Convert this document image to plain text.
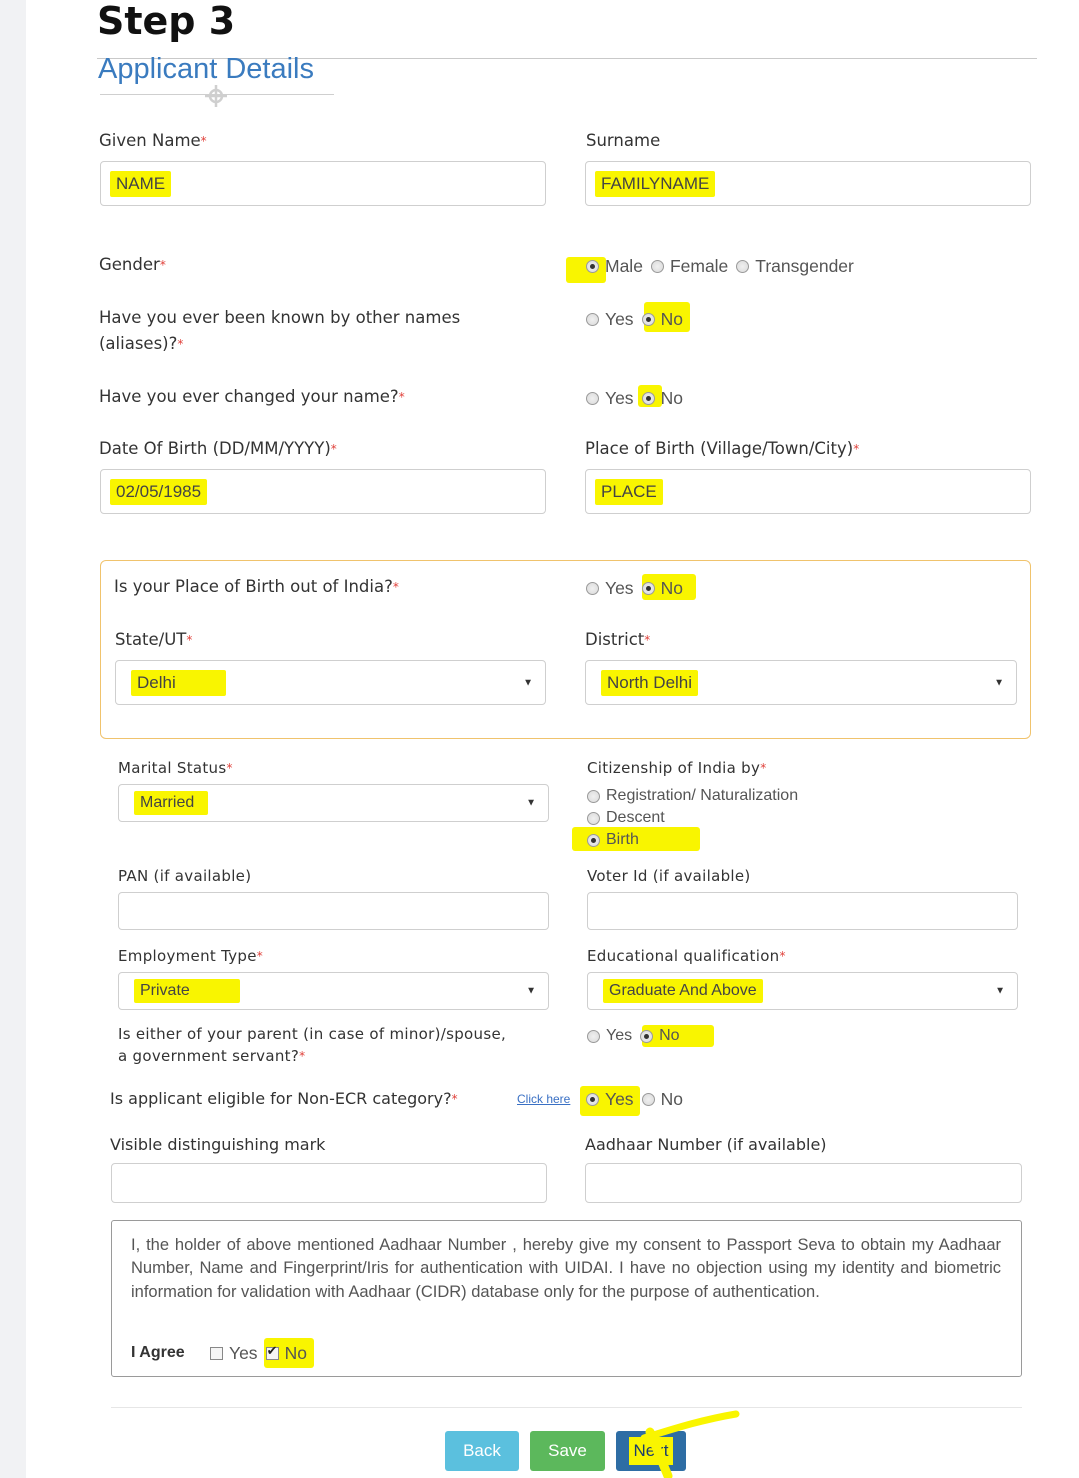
Step 3
Applicant Details
Given Name*
NAME
Surname
FAMILYNAME
Gender*	Male Female Transgender
Have you ever been known by other names
(aliases)?*
Yes No
Have you ever changed your name?*	Yes No
Date Of Birth (DD/MM/YYYY)*
02/05/1985
Place of Birth (Village/Town/City)*
PLACE
Is your Place of Birth out of India?*	Yes No
State/UT*
Delhi	▼
District*
North Delhi	▼
Marital Status*
Married	▼
Citizenship of India by*
Registration/ Naturalization
Descent
Birth
PAN (if available)	Voter Id (if available)
Employment Type*
Private	▼
Educational qualification*
Graduate And Above	▼
Is either of your parent (in case of minor)/spouse,
a government servant?*
Yes No
Is applicant eligible for Non-ECR category?*	Click here Yes No
Visible distinguishing mark	Aadhaar Number (if available)
I, the holder of above mentioned Aadhaar Number , hereby give my consent to Passport Seva to obtain my Aadhaar Number, Name and Fingerprint/Iris for authentication with UIDAI. I have no objection using my identity and biometric information for validation with Aadhaar (CIDR) database only for the purpose of authentication.
I Agree	Yes
✔ No
Back	Save	Next
